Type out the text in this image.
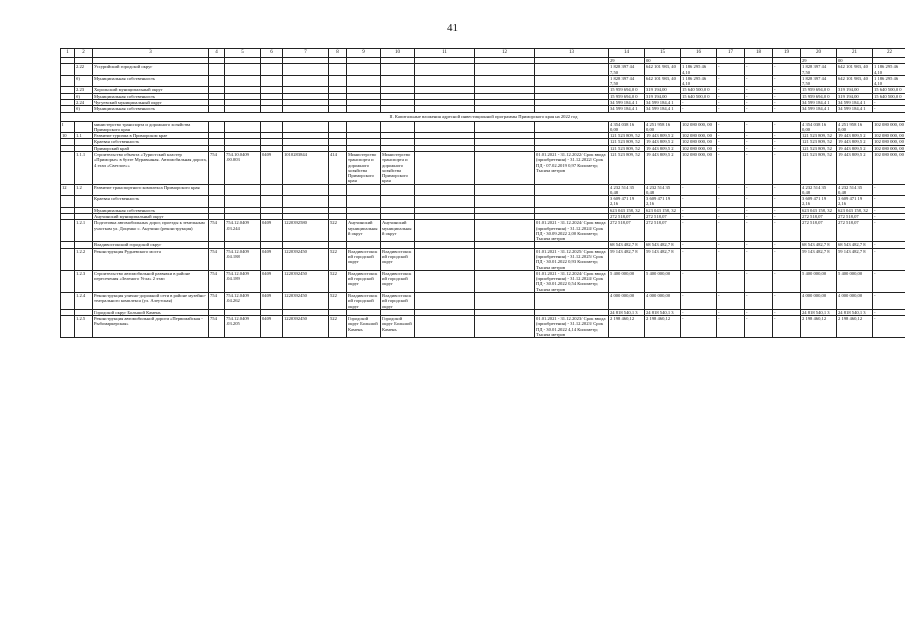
41
1	2	3	4	5	6	7	8	9	10	11	12	13	14	15	16	17	18	19	20	21	22
													29	00					29	00	
	2.22	Уссурийский городской округ											1 828 397 44 7,50	642 101 983, 40	1 186 295 46 4,10	-	-	-	1 828 397 44 7,50	642 101 983, 40	1 186 295 46 4,10
	б)	Муниципальная собственность											1 828 397 44 7,50	642 101 983, 40	1 186 295 46 4,10	-	-	-	1 828 397 44 7,50	642 101 983, 40	1 186 295 46 4,10
	2.23	Хорольский муниципальный округ											15 959 694,0 0	319 194,00	15 640 500,0 0	-	-	-	15 959 694,0 0	319 194,00	15 640 500,0 0
	б)	Муниципальная собственность											15 959 694,0 0	319 194,00	15 640 500,0 0	-	-	-	15 959 694,0 0	319 194,00	15 640 500,0 0
	2.24	Чугуевский муниципальный округ											34 599 184,4 1	34 599 184,4 1	-	-	-	-	34 599 184,4 1	34 599 184,4 1	-
	б)	Муниципальная собственность											34 599 184,4 1	34 599 184,4 1	-	-	-	-	34 599 184,4 1	34 599 184,4 1	-
II. Капитальные вложения адресной инвестиционной программы Приморского края на 2022 год																					
I		министерство транспорта и дорожного хозяйства Приморского края											4 354 038 16 0,00	4 251 958 16 0,00	102 080 000, 00	-	-	-	4 354 038 16 0,00	4 251 958 16 0,00	102 080 000, 00
10	1.1	Развитие туризма в Приморском крае											121 523 809, 52	19 443 809,5 2	102 080 000, 00	-	-	-	121 523 809, 52	19 443 809,5 2	102 080 000, 00
		Краевая собственность											121 523 809, 52	19 443 809,5 2	102 080 000, 00	-	-	-	121 523 809, 52	19 443 809,5 2	102 080 000, 00
		Приморский край											121 523 809, 52	19 443 809,5 2	102 080 000, 00	-	-	-	121 523 809, 52	19 443 809,5 2	102 080 000, 00
	1.1.1	Строительство объекта «Туристский кластер «Приморье» в бухте Муравьиная. Автомобильная дорога, 4 этап «Светлое»»	754	754.10.0409 .00.003	0409	1010283844	414	Министерство транспорта и дорожного хозяйства Приморского края	Министерство транспорта и дорожного хозяйства Приморского края			01.01.2021 - 31.12.2022/ Срок ввода (приобретения) - 31.12.2022/ Срок ПД - 07.02.2019 0,97 Километр; Тысяча метров	121 523 809, 52	19 443 809,5 2	102 080 000, 00	-	-	-	121 523 809, 52	19 443 809,5 2	102 080 000, 00
12	1.2	Развитие транспортного комплекса Приморского края											4 232 514 35 0,48	4 232 514 35 0,48	-	-	-	-	4 232 514 35 0,48	4 232 514 35 0,48	-
		Краевая собственность											3 609 471 19 2,16	3 609 471 19 2,16	-	-	-	-	3 609 471 19 2,16	3 609 471 19 2,16	-
		Муниципальная собственность											623 043 158, 32	623 043 158, 32	-	-	-	-	623 043 158, 32	623 043 158, 32	-
		Анучинский муниципальный округ											272 518,07	272 518,07	-	-	-	-	272 518,07	272 518,07	-
	1.2.1	Подготовка автомобильных дорог, проезды к земельным участкам ул. Доценко с. Анучино (реконструкция)	754	754.12.0409 .03.244	0409	1220392580	522	Анучинский муниципальный округ	Анучинский муниципальный округ			01.01.2021 - 31.12.2024/ Срок ввода (приобретения) - 31.12.2024/ Срок ПД - 30.09.2022 2,00 Километр; Тысяча метров	272 518,07	272 518,07	-	-	-	-	272 518,07	272 518,07	-
		Владивостокский городской округ											68 543 482,7 8	68 543 482,7 8	-	-	-	-	68 543 482,7 8	68 543 482,7 8	-
	1.2.2	Реконструкция Рудневского моста	754	754.12.0409 .04.188	0409	1220392450	522	Владивостокский городской округ	Владивостокский городской округ			01.01.2021 - 31.12.2025/ Срок ввода (приобретения) - 31.12.2025/ Срок ПД - 30.01.2022 0,93 Километр; Тысяча метров	59 143 482,7 8	59 143 482,7 8	-	-	-	-	59 143 482,7 8	59 143 482,7 8	-
	1.2.3	Строительство автомобильной развязки в районе пересечения «Зеленого Угла» 2 этап	754	754.12.0409 .04.189	0409	1220392450	522	Владивостокский городской округ	Владивостокский городской округ			01.01.2021 - 31.12.2024/ Срок ввода (приобретения) - 31.12.2024/ Срок ПД - 30.01.2022 0,54 Километр; Тысяча метров	5 400 000,00	5 400 000,00	-	-	-	-	5 400 000,00	5 400 000,00	-
	1.2.4	Реконструкция улично-дорожной сети в районе музейно-театрального комплекса (ул. Алеутская)	754	754.12.0409 .04.262	0409	1220392450	522	Владивостокский городской округ	Владивостокский городской округ				4 000 000,00	4 000 000,00	-	-	-	-	4 000 000,00	4 000 000,00	-
		Городской округ Большой Камень											24 818 540,1 3	24 818 540,1 3	-	-	-	-	24 818 540,1 3	24 818 540,1 3	-
	1.2.5	Реконструкция автомобильной дороги «Первомайская - Рыбомаркерская»	754	754.12.0409 .03.205	0409	1220392450	522	Городской округ Большой Камень	Городской округ Большой Камень			01.01.2021 - 31.12.2023/ Срок ввода (приобретения) - 31.12.2023/ Срок ПД - 30.01.2022 4,14 Километр; Тысяча метров	2 198 460,12	2 198 460,12	-	-	-	-	2 198 460,12	2 198 460,12	-
